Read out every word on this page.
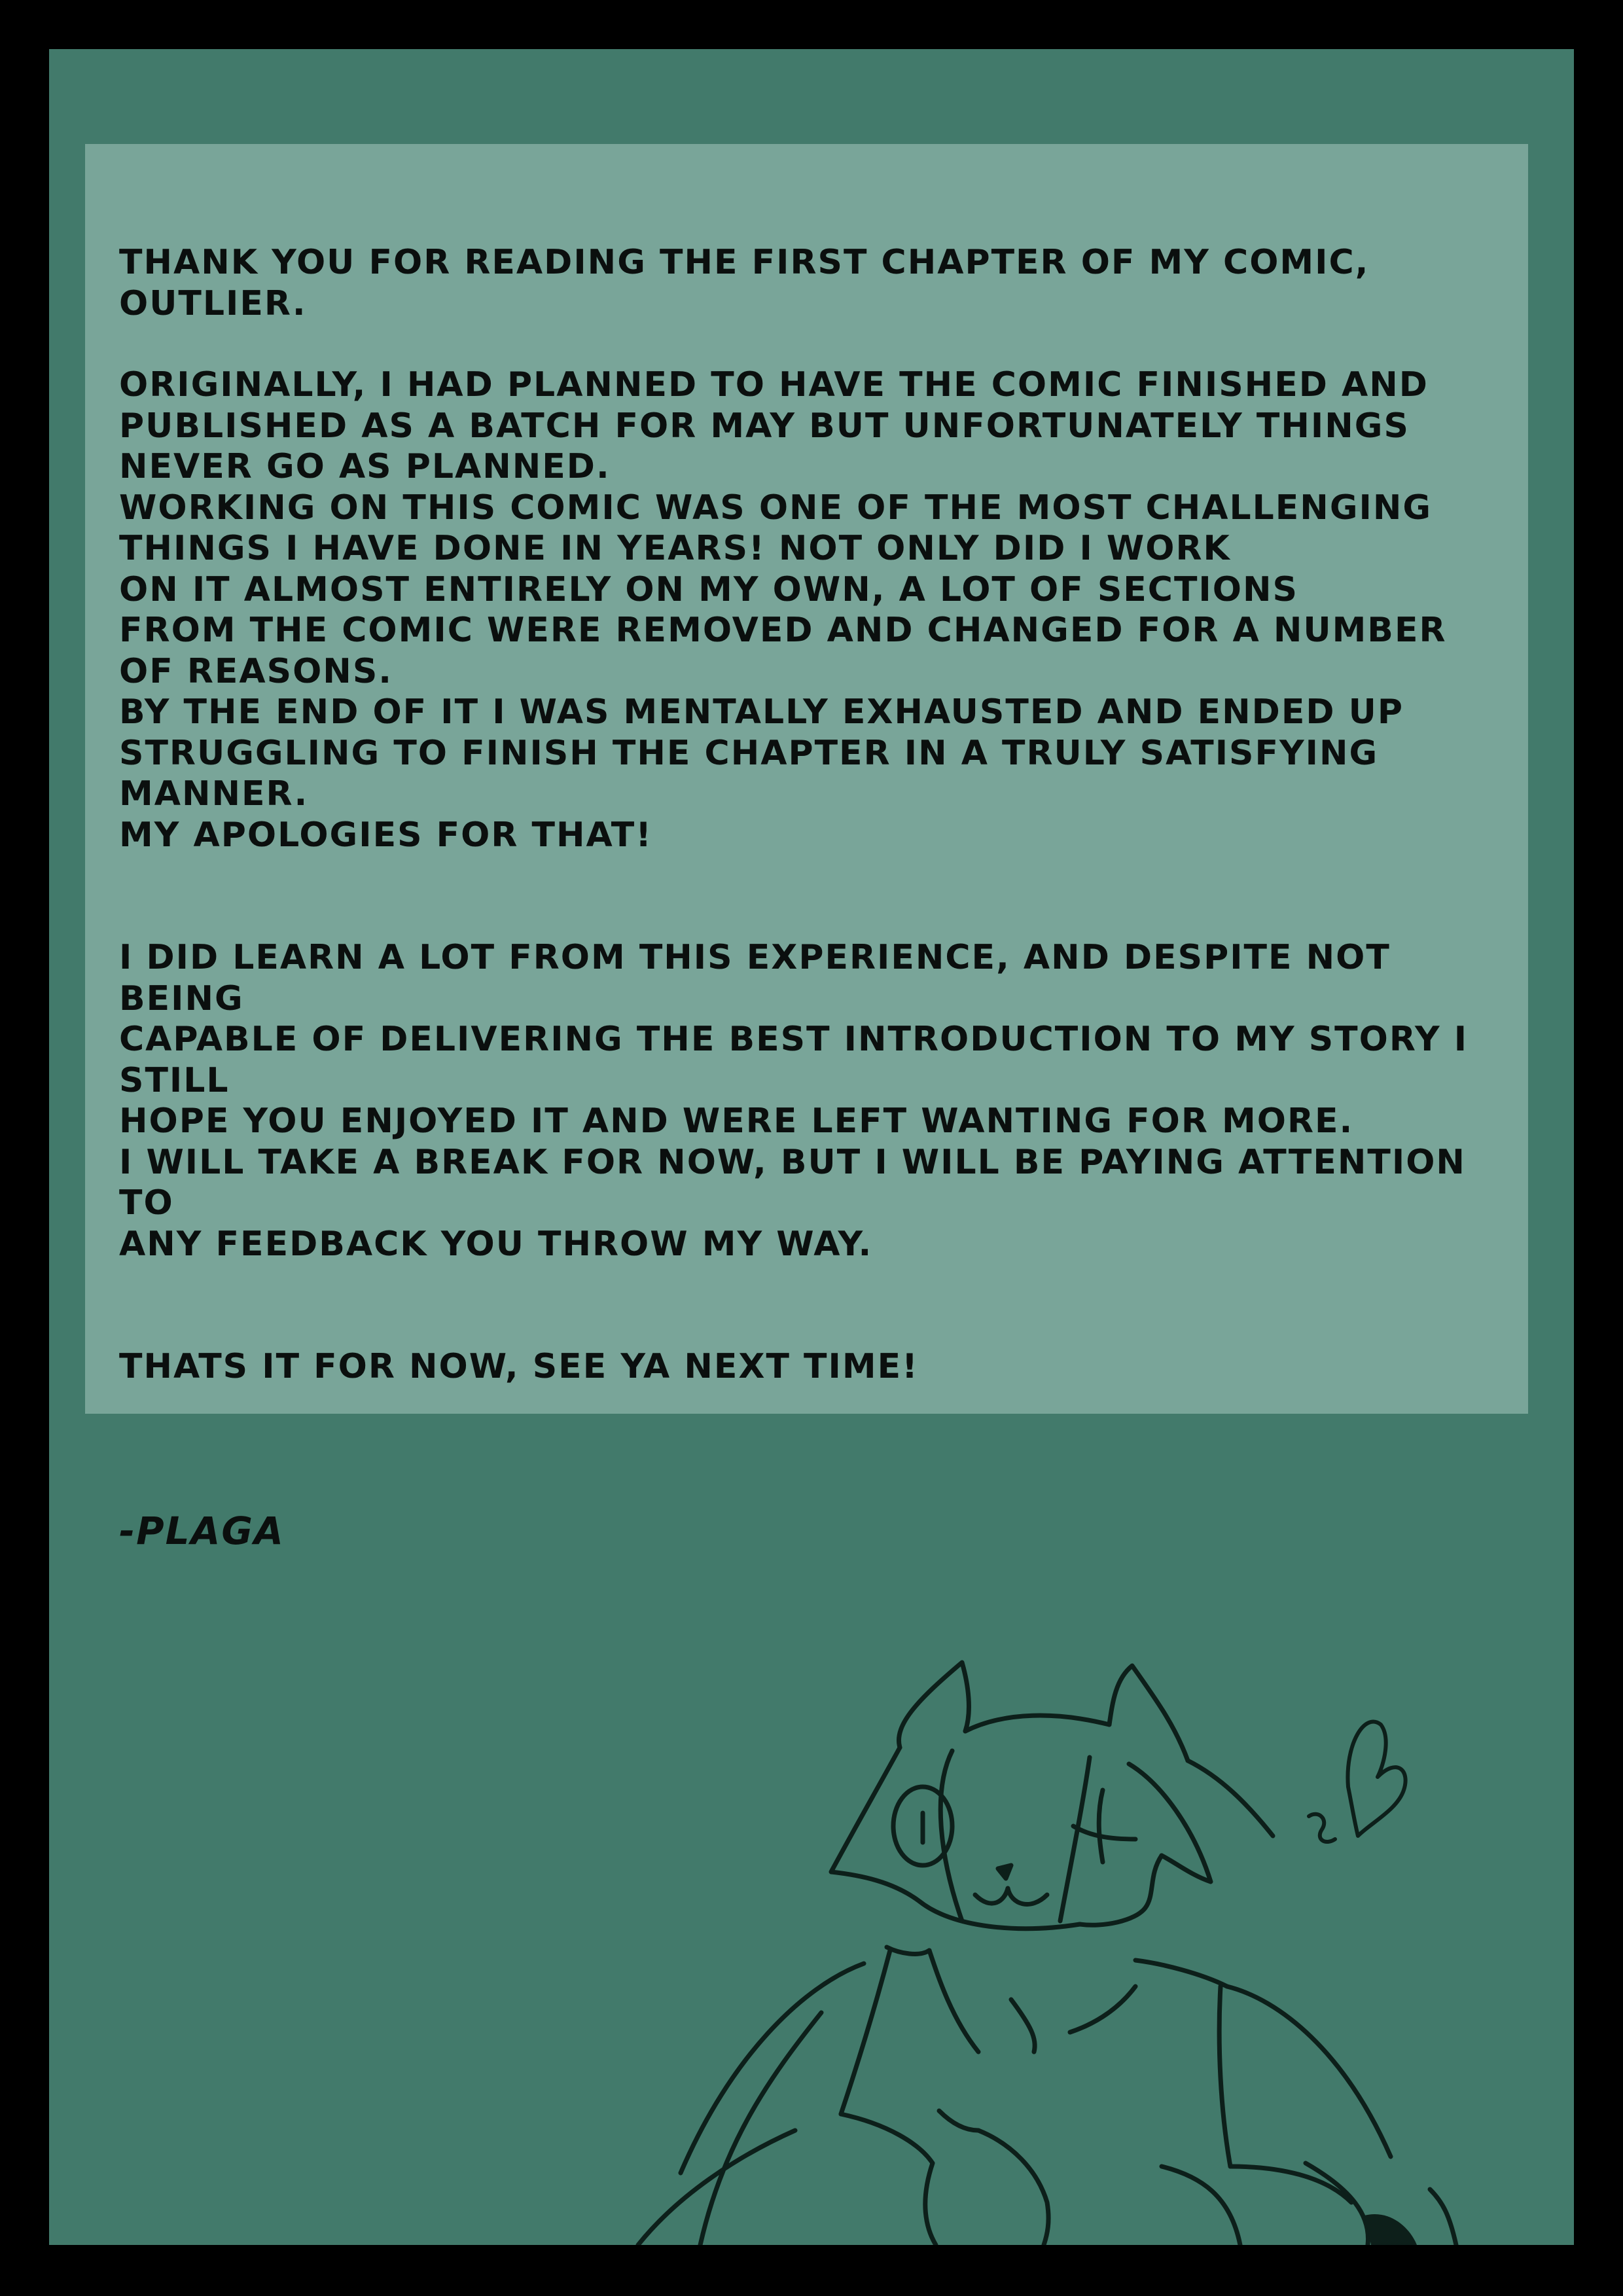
THANK YOU FOR READING THE FIRST CHAPTER OF MY COMIC, OUTLIER.

ORIGINALLY, I HAD PLANNED TO HAVE THE COMIC FINISHED AND
PUBLISHED AS A BATCH FOR MAY BUT UNFORTUNATELY THINGS
NEVER GO AS PLANNED.
WORKING ON THIS COMIC WAS ONE OF THE MOST CHALLENGING
THINGS I HAVE DONE IN YEARS! NOT ONLY DID I WORK
ON IT ALMOST ENTIRELY ON MY OWN, A LOT OF SECTIONS
FROM THE COMIC WERE REMOVED AND CHANGED FOR A NUMBER
OF REASONS.
BY THE END OF IT I WAS MENTALLY EXHAUSTED AND ENDED UP
STRUGGLING TO FINISH THE CHAPTER IN A TRULY SATISFYING MANNER.
MY APOLOGIES FOR THAT!

I DID LEARN A LOT FROM THIS EXPERIENCE, AND DESPITE NOT BEING
CAPABLE OF DELIVERING THE BEST INTRODUCTION TO MY STORY I STILL
HOPE YOU ENJOYED IT AND WERE LEFT WANTING FOR MORE.
I WILL TAKE A BREAK FOR NOW, BUT I WILL BE PAYING ATTENTION TO
ANY FEEDBACK YOU THROW MY WAY.

THATS IT FOR NOW, SEE YA NEXT TIME!

-PLAGA
